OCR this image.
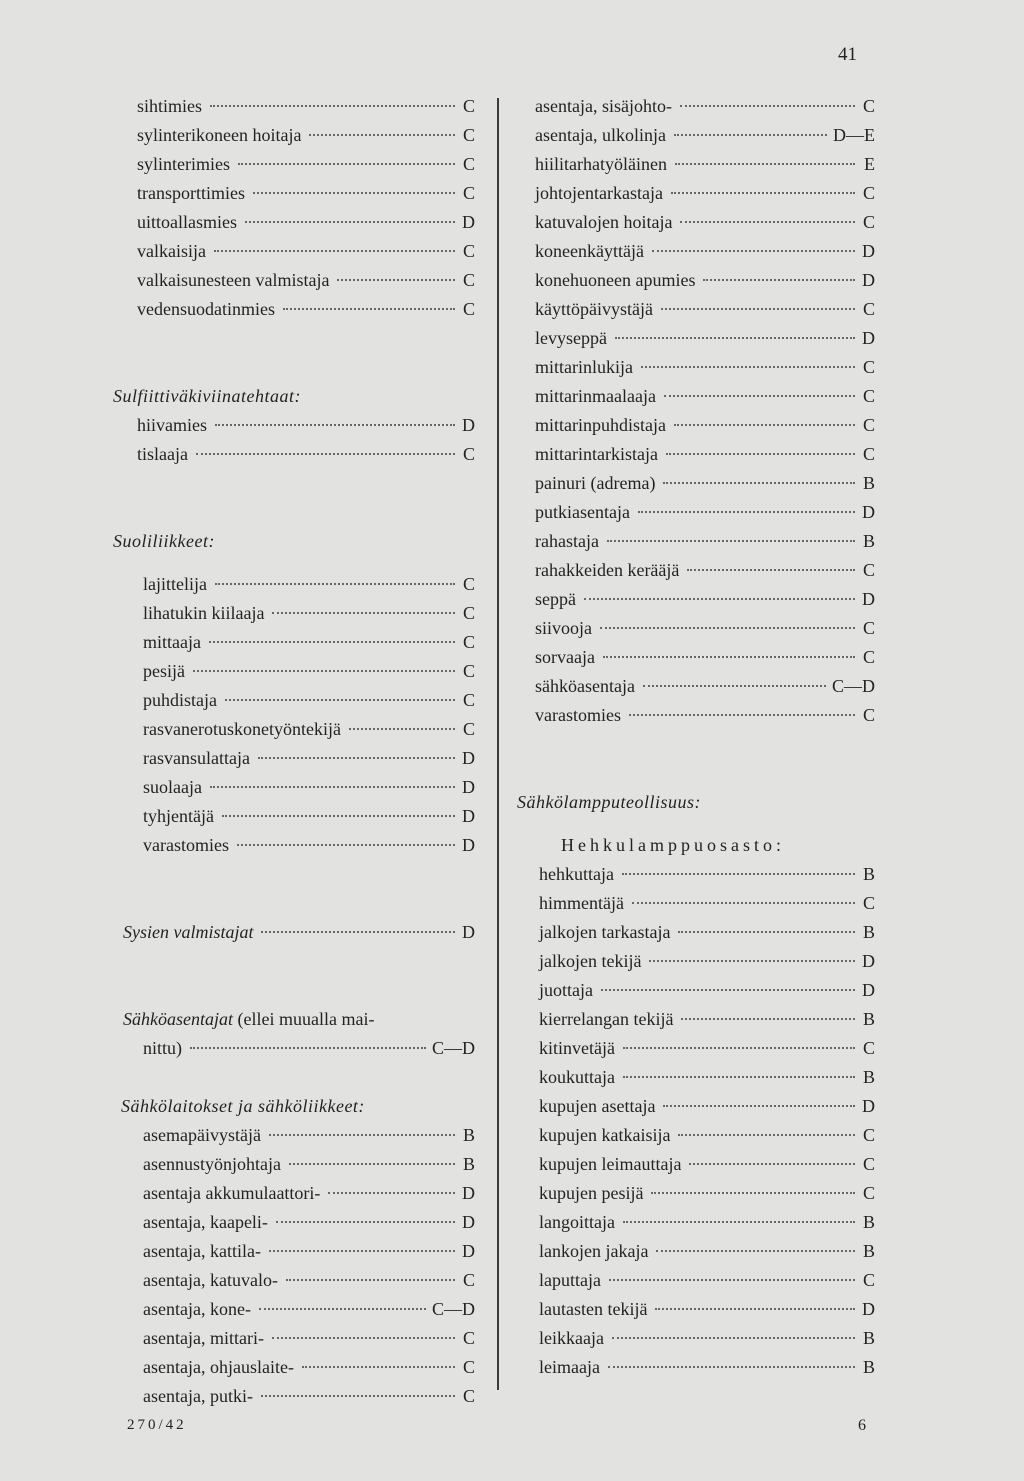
41
sihtimies	C
sylinterikoneen hoitaja	C
sylinterimies	C
transporttimies	C
uittoallasmies	D
valkaisija	C
valkaisunesteen valmistaja	C
vedensuodatinmies	C
Sulfiittiväkiviinatehtaat:
hiivamies	D
tislaaja	C
Suoliliikkeet:
lajittelija	C
lihatukin kiilaaja	C
mittaaja	C
pesijä	C
puhdistaja	C
rasvanerotuskonetyöntekijä	C
rasvansulattaja	D
suolaaja	D
tyhjentäjä	D
varastomies	D
Sysien valmistajat	D
Sähköasentajat (ellei muualla mai-
nittu)	C—D
Sähkölaitokset ja sähköliikkeet:
asemapäivystäjä	B
asennustyönjohtaja	B
asentaja akkumulaattori-	D
asentaja, kaapeli-	D
asentaja, kattila-	D
asentaja, katuvalo-	C
asentaja, kone-	C—D
asentaja, mittari-	C
asentaja, ohjauslaite-	C
asentaja, putki-	C
asentaja, sisäjohto-	C
asentaja, ulkolinja	D—E
hiilitarhatyöläinen	E
johtojentarkastaja	C
katuvalojen hoitaja	C
koneenkäyttäjä	D
konehuoneen apumies	D
käyttöpäivystäjä	C
levyseppä	D
mittarinlukija	C
mittarinmaalaaja	C
mittarinpuhdistaja	C
mittarintarkistaja	C
painuri (adrema)	B
putkiasentaja	D
rahastaja	B
rahakkeiden kerääjä	C
seppä	D
siivooja	C
sorvaaja	C
sähköasentaja	C—D
varastomies	C
Sähkölampputeollisuus:
Hehkulamppuosasto:
hehkuttaja	B
himmentäjä	C
jalkojen tarkastaja	B
jalkojen tekijä	D
juottaja	D
kierrelangan tekijä	B
kitinvetäjä	C
koukuttaja	B
kupujen asettaja	D
kupujen katkaisija	C
kupujen leimauttaja	C
kupujen pesijä	C
langoittaja	B
lankojen jakaja	B
laputtaja	C
lautasten tekijä	D
leikkaaja	B
leimaaja	B
270/42	6
